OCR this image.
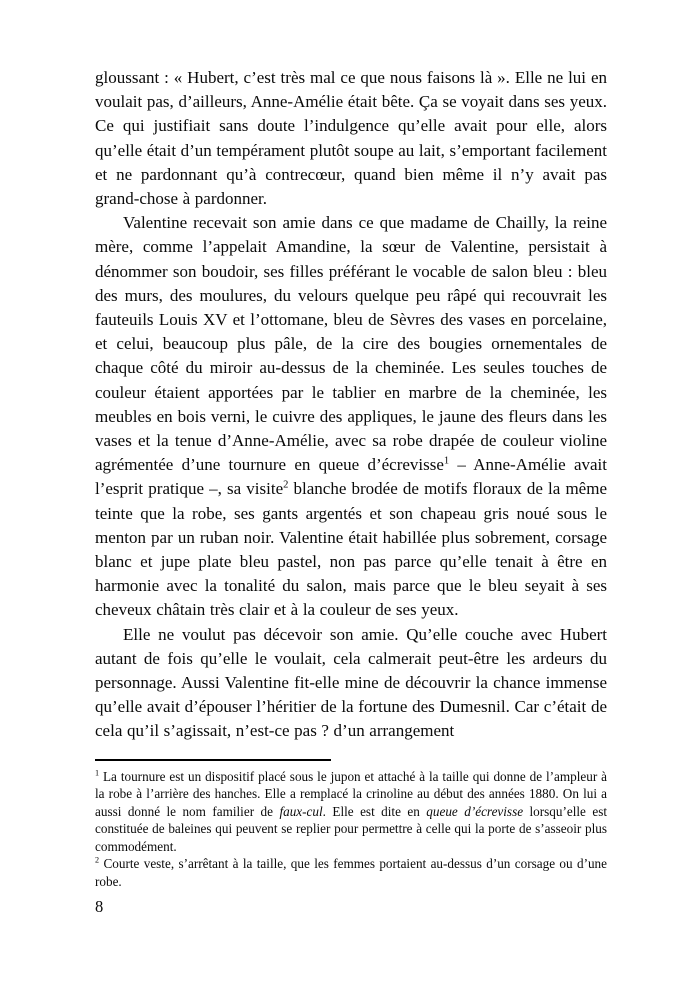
gloussant : « Hubert, c’est très mal ce que nous faisons là ». Elle ne lui en voulait pas, d’ailleurs, Anne-Amélie était bête. Ça se voyait dans ses yeux. Ce qui justifiait sans doute l’indulgence qu’elle avait pour elle, alors qu’elle était d’un tempérament plutôt soupe au lait, s’emportant facilement et ne pardonnant qu’à contrecœur, quand bien même il n’y avait pas grand-chose à pardonner.

Valentine recevait son amie dans ce que madame de Chailly, la reine mère, comme l’appelait Amandine, la sœur de Valentine, persistait à dénommer son boudoir, ses filles préférant le vocable de salon bleu : bleu des murs, des moulures, du velours quelque peu râpé qui recouvrait les fauteuils Louis XV et l’ottomane, bleu de Sèvres des vases en porcelaine, et celui, beaucoup plus pâle, de la cire des bougies ornementales de chaque côté du miroir au-dessus de la cheminée. Les seules touches de couleur étaient apportées par le tablier en marbre de la cheminée, les meubles en bois verni, le cuivre des appliques, le jaune des fleurs dans les vases et la tenue d’Anne-Amélie, avec sa robe drapée de couleur violine agrémentée d’une tournure en queue d’écrevisse$^1$ – Anne-Amélie avait l’esprit pratique –, sa visite$^2$ blanche brodée de motifs floraux de la même teinte que la robe, ses gants argentés et son chapeau gris noué sous le menton par un ruban noir. Valentine était habillée plus sobrement, corsage blanc et jupe plate bleu pastel, non pas parce qu’elle tenait à être en harmonie avec la tonalité du salon, mais parce que le bleu seyait à ses cheveux châtain très clair et à la couleur de ses yeux.

Elle ne voulut pas décevoir son amie. Qu’elle couche avec Hubert autant de fois qu’elle le voulait, cela calmerait peut-être les ardeurs du personnage. Aussi Valentine fit-elle mine de découvrir la chance immense qu’elle avait d’épouser l’héritier de la fortune des Dumesnil. Car c’était de cela qu’il s’agissait, n’est-ce pas ? d’un arrangement

$^1$ La tournure est un dispositif placé sous le jupon et attaché à la taille qui donne de l’ampleur à la robe à l’arrière des hanches. Elle a remplacé la crinoline au début des années 1880. On lui a aussi donné le nom familier de faux-cul. Elle est dite en queue d’écrevisse lorsqu’elle est constituée de baleines qui peuvent se replier pour permettre à celle qui la porte de s’asseoir plus commodément.

$^2$ Courte veste, s’arrêtant à la taille, que les femmes portaient au-dessus d’un corsage ou d’une robe.

8
